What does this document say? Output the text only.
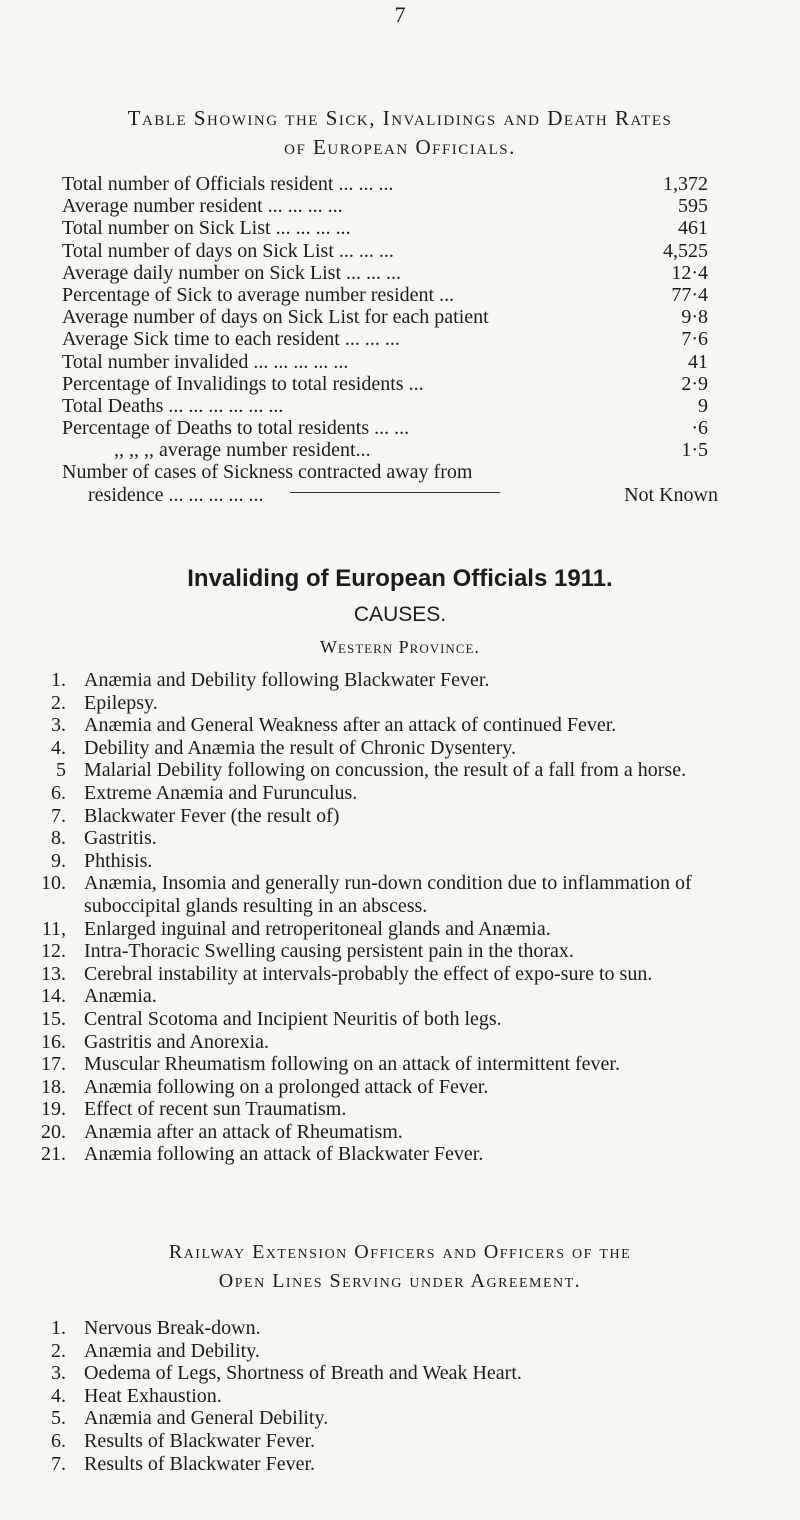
7
Table Showing the Sick, Invalidings and Death Rates
of European Officials.
Total number of Officials resident ... ... ...	1,372
Average number resident ... ... ... ...	595
Total number on Sick List ... ... ... ...	461
Total number of days on Sick List ... ... ...	4,525
Average daily number on Sick List ... ... ...	12·4
Percentage of Sick to average number resident ...	77·4
Average number of days on Sick List for each patient	9·8
Average Sick time to each resident ... ... ...	7·6
Total number invalided ... ... ... ... ...	41
Percentage of Invalidings to total residents ...	2·9
Total Deaths ... ... ... ... ... ...	9
Percentage of Deaths to total residents ... ...	·6
,, ,, ,, average number resident...	1·5
Number of cases of Sickness contracted away from
residence ... ... ... ... ...	Not Known
Invaliding of European Officials 1911.
CAUSES.
Western Province.
1. Anæmia and Debility following Blackwater Fever.
2. Epilepsy.
3. Anæmia and General Weakness after an attack of continued Fever.
4. Debility and Anæmia the result of Chronic Dysentery.
5 Malarial Debility following on concussion, the result of a fall from a horse.
6. Extreme Anæmia and Furunculus.
7. Blackwater Fever (the result of)
8. Gastritis.
9. Phthisis.
10. Anæmia, Insomia and generally run-down condition due to inflammation of suboccipital glands resulting in an abscess.
11, Enlarged inguinal and retroperitoneal glands and Anæmia.
12. Intra-Thoracic Swelling causing persistent pain in the thorax.
13. Cerebral instability at intervals-probably the effect of expo-sure to sun.
14. Anæmia.
15. Central Scotoma and Incipient Neuritis of both legs.
16. Gastritis and Anorexia.
17. Muscular Rheumatism following on an attack of intermittent fever.
18. Anæmia following on a prolonged attack of Fever.
19. Effect of recent sun Traumatism.
20. Anæmia after an attack of Rheumatism.
21. Anæmia following an attack of Blackwater Fever.
Railway Extension Officers and Officers of the
Open Lines Serving under Agreement.
1. Nervous Break-down.
2. Anæmia and Debility.
3. Oedema of Legs, Shortness of Breath and Weak Heart.
4. Heat Exhaustion.
5. Anæmia and General Debility.
6. Results of Blackwater Fever.
7. Results of Blackwater Fever.
